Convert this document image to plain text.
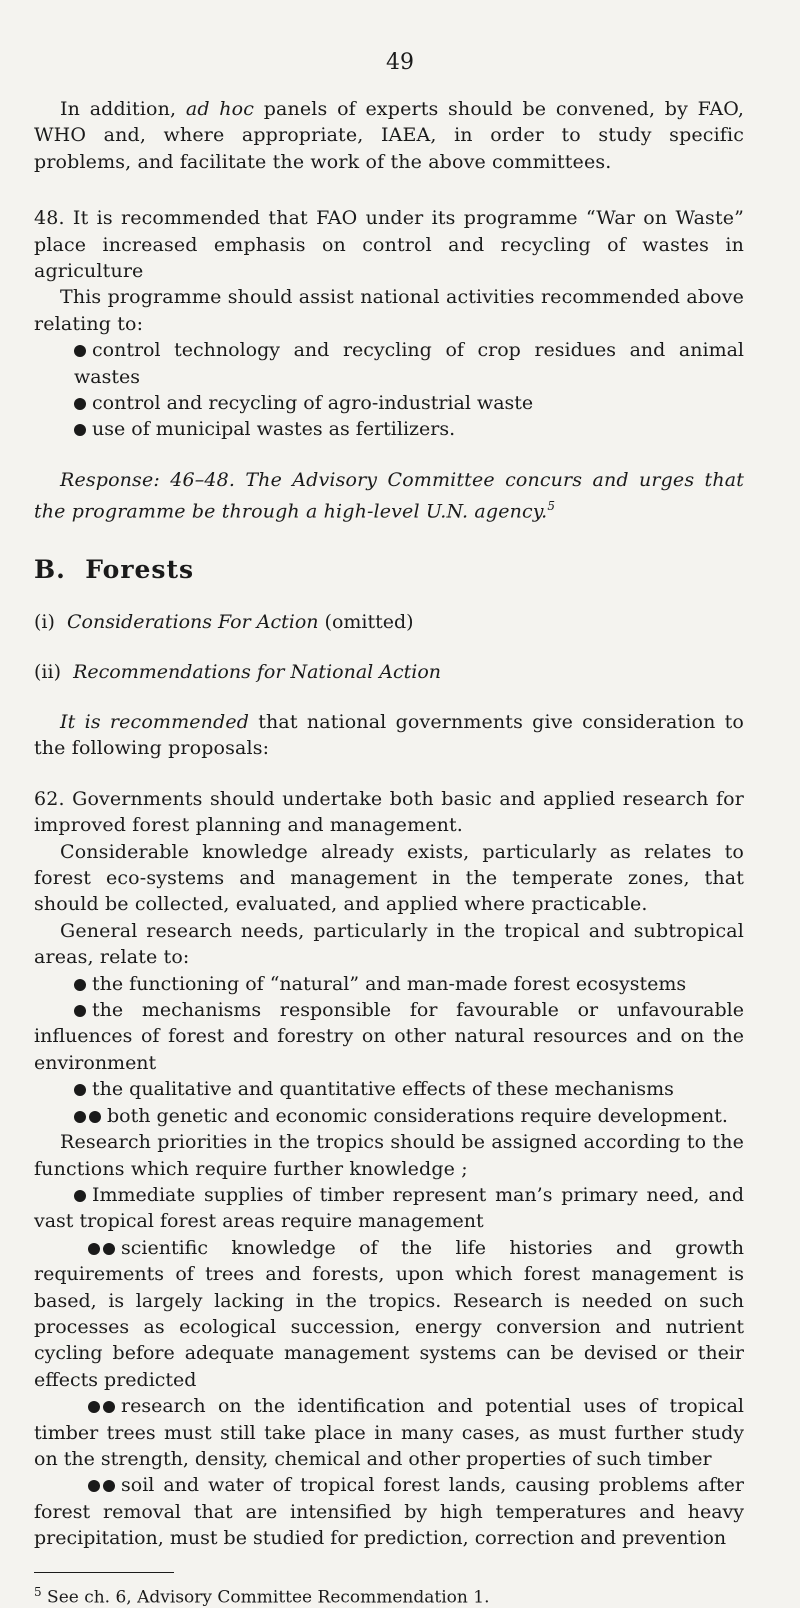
49

In addition, ad hoc panels of experts should be convened, by FAO, WHO and, where appropriate, IAEA, in order to study specific problems, and facilitate the work of the above committees.

48. It is recommended that FAO under its programme “War on Waste” place increased emphasis on control and recycling of wastes in agriculture

This programme should assist national activities recommended above relating to:

control technology and recycling of crop residues and animal wastes
control and recycling of agro-industrial waste
use of municipal wastes as fertilizers.

Response: 46–48. The Advisory Committee concurs and urges that the programme be through a high-level U.N. agency.$^5$

B. Forests

(i) Considerations For Action (omitted)

(ii) Recommendations for National Action

It is recommended that national governments give consideration to the following proposals:

62. Governments should undertake both basic and applied research for improved forest planning and management.

Considerable knowledge already exists, particularly as relates to forest eco-systems and management in the temperate zones, that should be collected, evaluated, and applied where practicable.

General research needs, particularly in the tropical and subtropical areas, relate to:

the functioning of “natural” and man-made forest ecosystems
the mechanisms responsible for favourable or unfavourable influences of forest and forestry on other natural resources and on the environment
the qualitative and quantitative effects of these mechanisms
both genetic and economic considerations require development.

Research priorities in the tropics should be assigned according to the functions which require further knowledge ;

Immediate supplies of timber represent man’s primary need, and vast tropical forest areas require management
scientific knowledge of the life histories and growth requirements of trees and forests, upon which forest management is based, is largely lacking in the tropics. Research is needed on such processes as ecological succession, energy conversion and nutrient cycling before adequate management systems can be devised or their effects predicted
research on the identification and potential uses of tropical timber trees must still take place in many cases, as must further study on the strength, density, chemical and other properties of such timber
soil and water of tropical forest lands, causing problems after forest removal that are intensified by high temperatures and heavy precipitation, must be studied for prediction, correction and prevention

$^5$ See ch. 6, Advisory Committee Recommendation 1.
